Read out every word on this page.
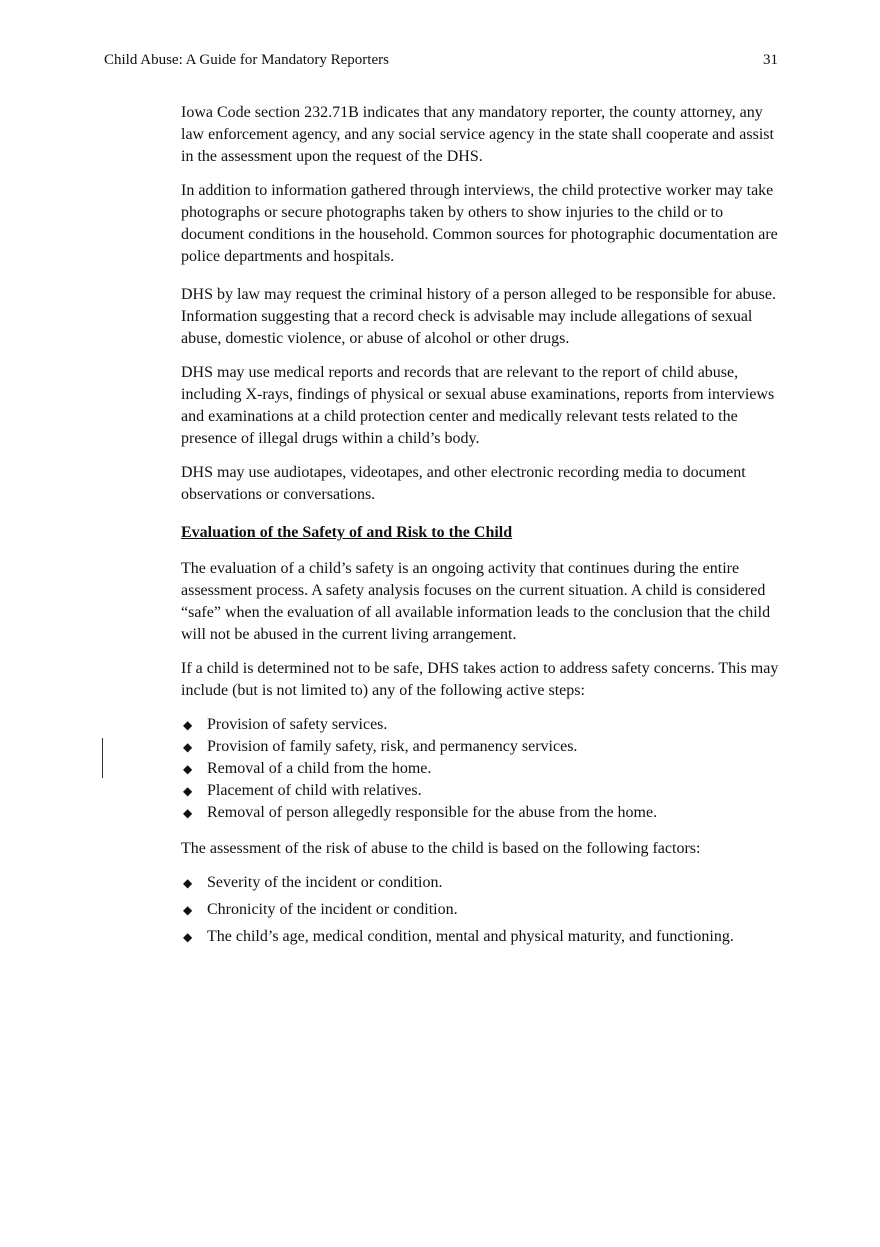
Child Abuse: A Guide for Mandatory Reporters	31

Iowa Code section 232.71B indicates that any mandatory reporter, the county attorney, any law enforcement agency, and any social service agency in the state shall cooperate and assist in the assessment upon the request of the DHS.

In addition to information gathered through interviews, the child protective worker may take photographs or secure photographs taken by others to show injuries to the child or to document conditions in the household. Common sources for photographic documentation are police departments and hospitals.

DHS by law may request the criminal history of a person alleged to be responsible for abuse. Information suggesting that a record check is advisable may include allegations of sexual abuse, domestic violence, or abuse of alcohol or other drugs.

DHS may use medical reports and records that are relevant to the report of child abuse, including X-rays, findings of physical or sexual abuse examinations, reports from interviews and examinations at a child protection center and medically relevant tests related to the presence of illegal drugs within a child’s body.

DHS may use audiotapes, videotapes, and other electronic recording media to document observations or conversations.

Evaluation of the Safety of and Risk to the Child

The evaluation of a child’s safety is an ongoing activity that continues during the entire assessment process. A safety analysis focuses on the current situation. A child is considered “safe” when the evaluation of all available information leads to the conclusion that the child will not be abused in the current living arrangement.

If a child is determined not to be safe, DHS takes action to address safety concerns. This may include (but is not limited to) any of the following active steps:

◆ Provision of safety services.
◆ Provision of family safety, risk, and permanency services.
◆ Removal of a child from the home.
◆ Placement of child with relatives.
◆ Removal of person allegedly responsible for the abuse from the home.

The assessment of the risk of abuse to the child is based on the following factors:

◆ Severity of the incident or condition.
◆ Chronicity of the incident or condition.
◆ The child’s age, medical condition, mental and physical maturity, and functioning.
